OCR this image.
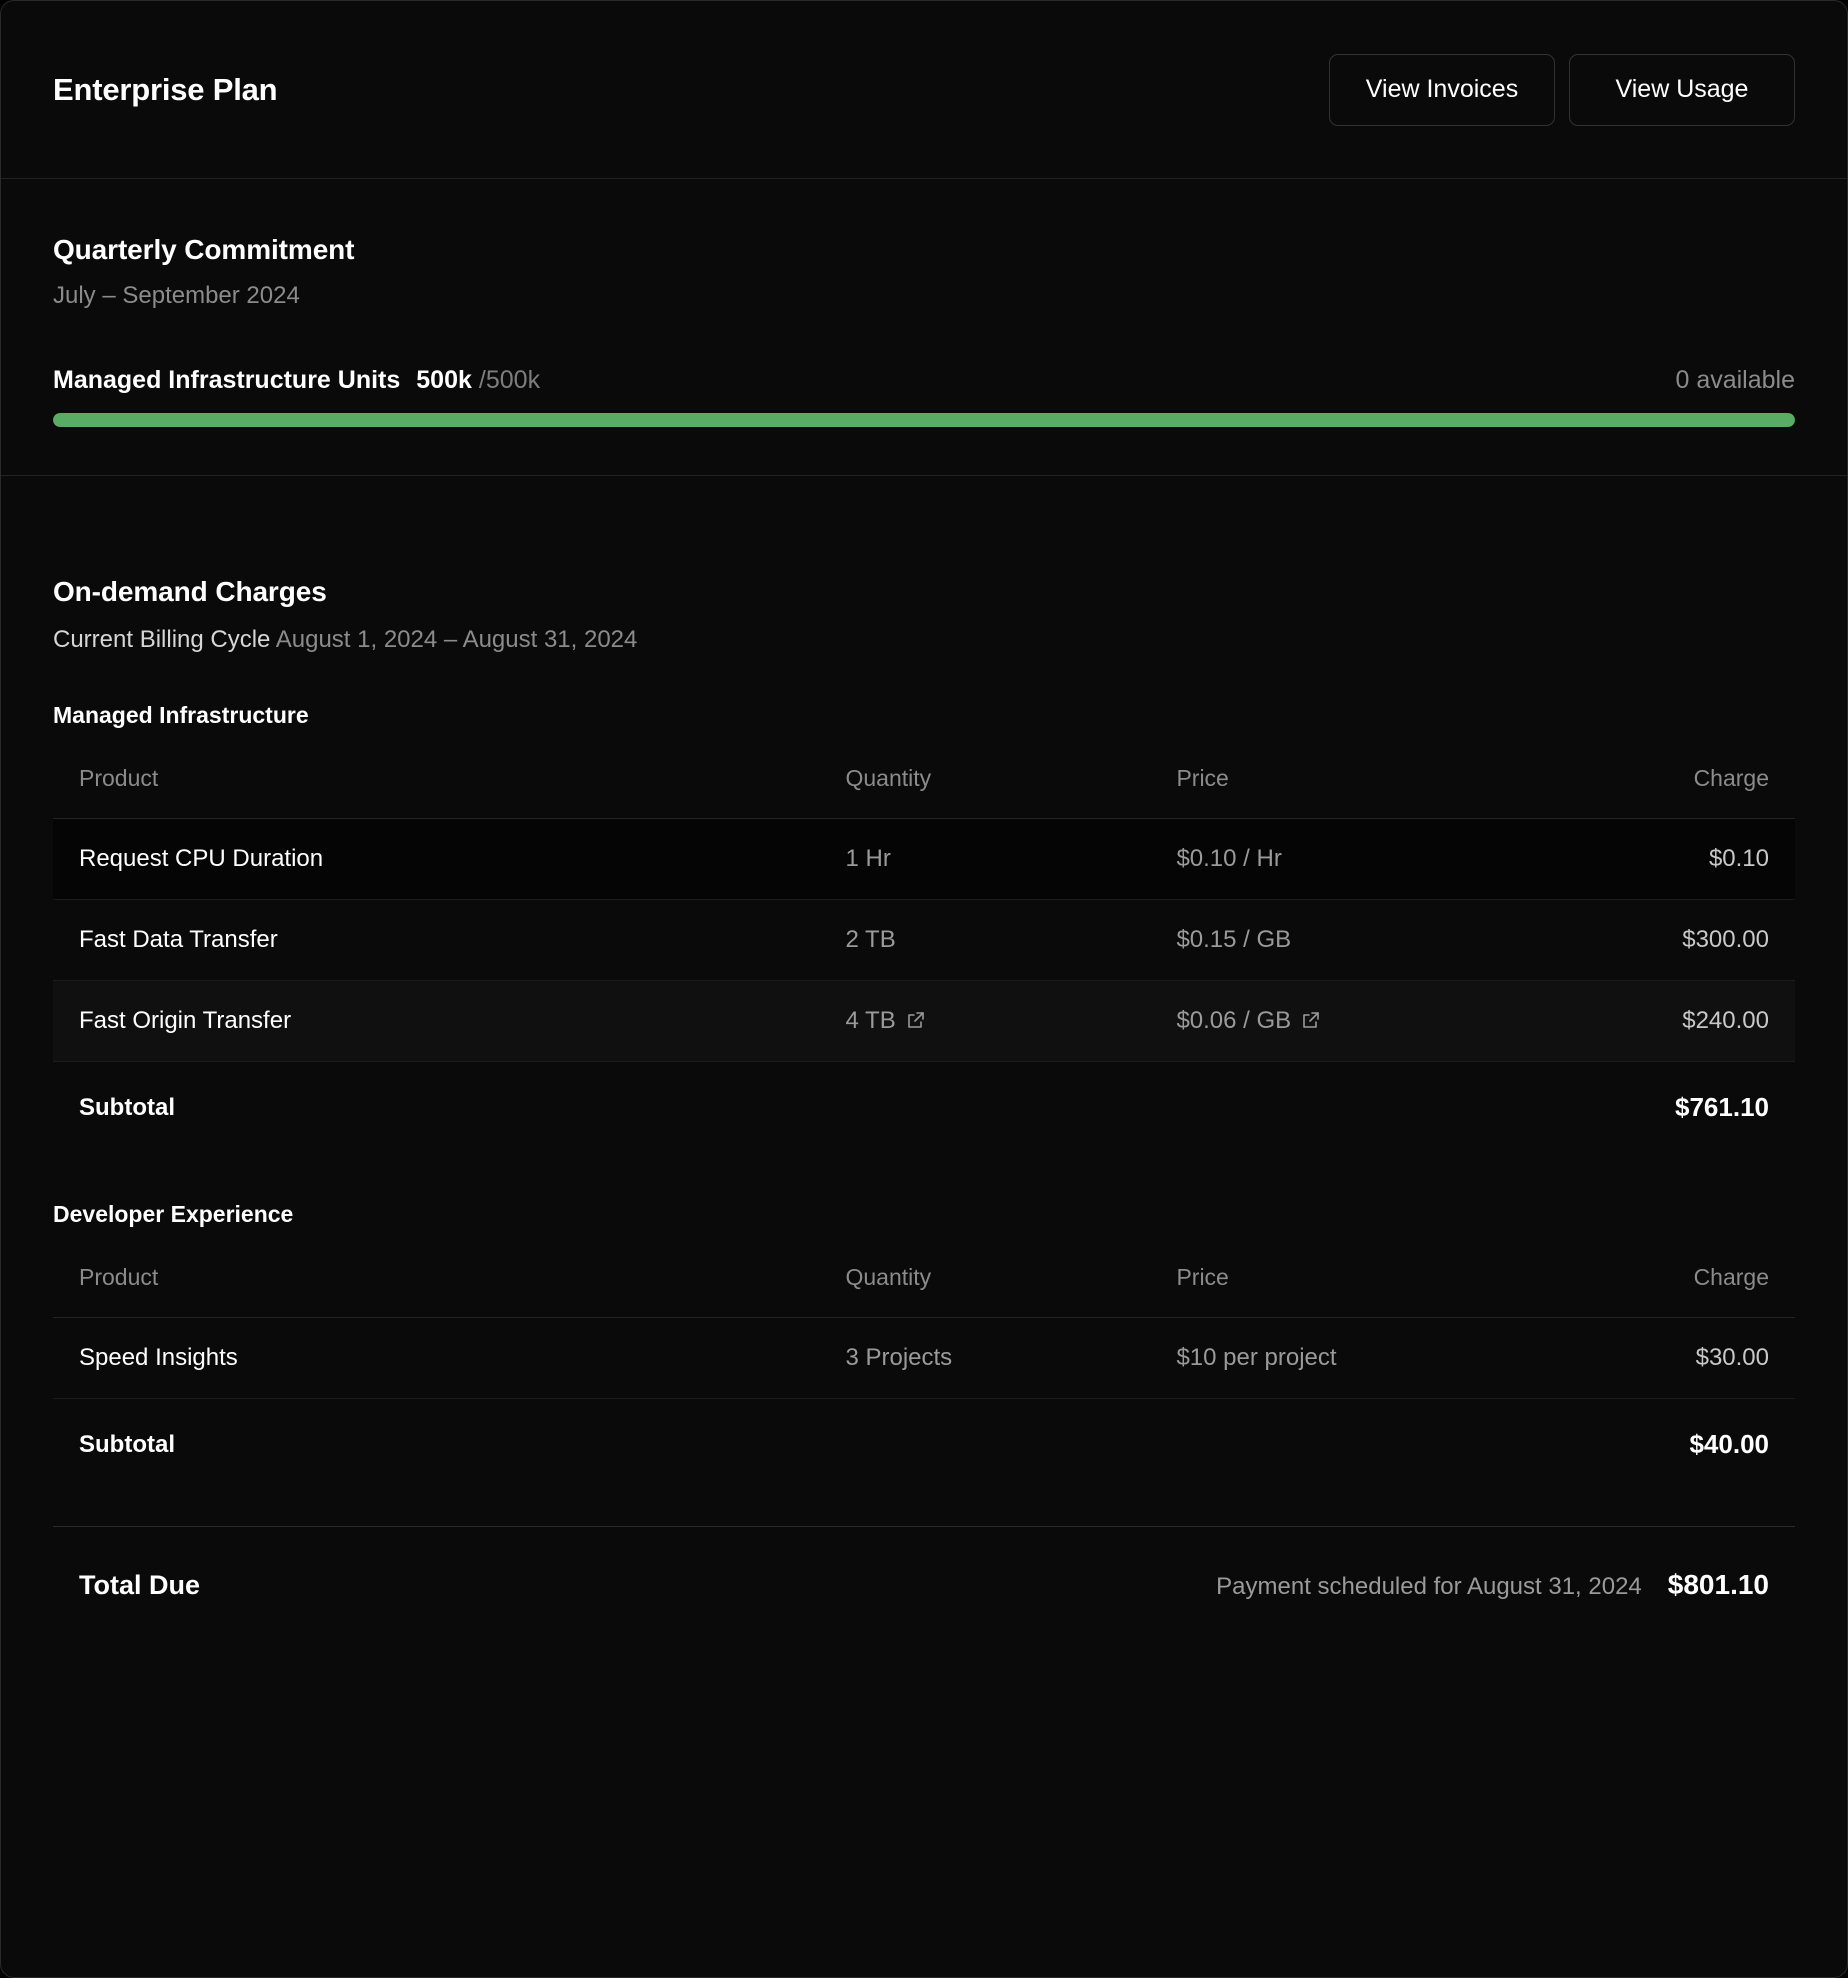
Enterprise Plan	View Invoices	View Usage
Quarterly Commitment
July – September 2024
Managed Infrastructure Units 500k /500k	0 available
On-demand Charges
Current Billing Cycle August 1, 2024 – August 31, 2024
Managed Infrastructure
Product	Quantity	Price	Charge
Request CPU Duration	1 Hr	$0.10 / Hr	$0.10
Fast Data Transfer	2 TB	$0.15 / GB	$300.00
Fast Origin Transfer	4 TB	$0.06 / GB	$240.00
Subtotal			$761.10
Developer Experience
Product	Quantity	Price	Charge
Speed Insights	3 Projects	$10 per project	$30.00
Subtotal			$40.00
Total Due	Payment scheduled for August 31, 2024 $801.10
